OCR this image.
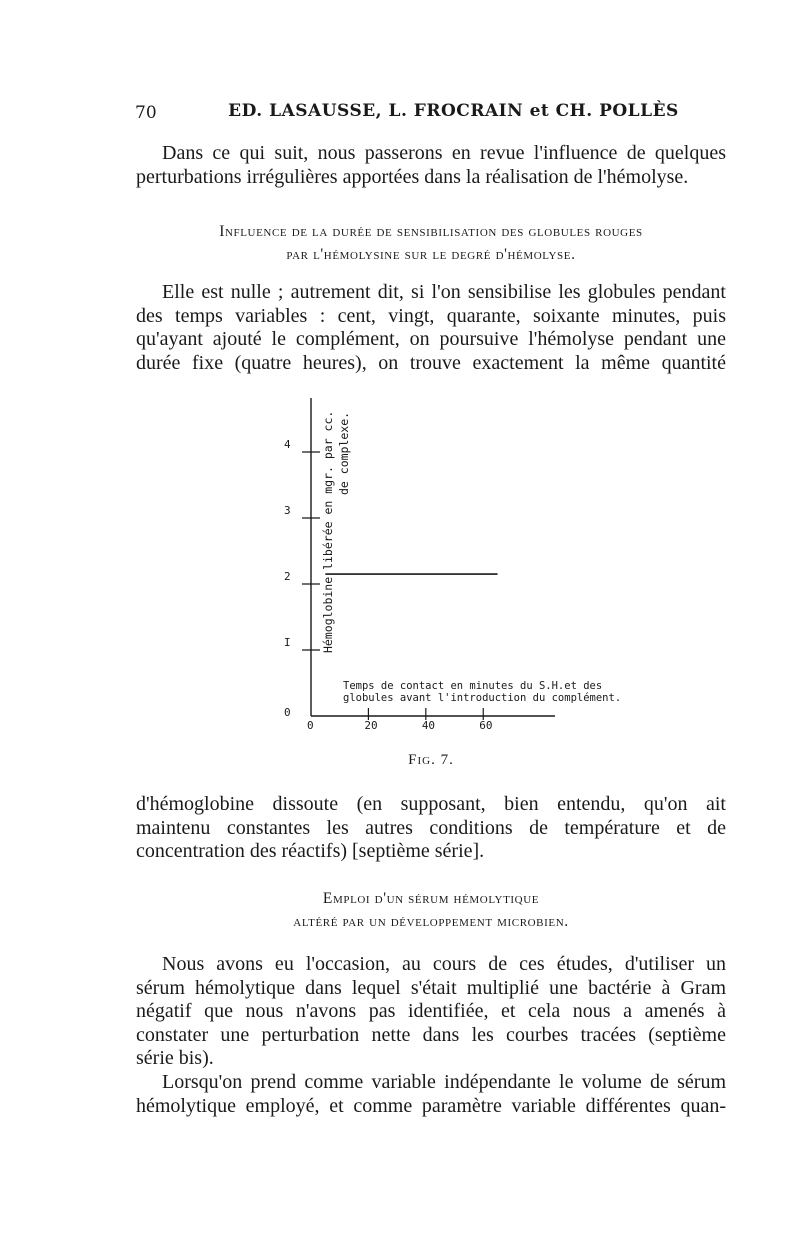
70	ED. LASAUSSE, L. FROCRAIN et CH. POLLÈS

Dans ce qui suit, nous passerons en revue l'influence de quelques
perturbations irrégulières apportées dans la réalisation de l'hémolyse.

Influence de la durée de sensibilisation des globules rouges
par l'hémolysine sur le degré d'hémolyse.

Elle est nulle ; autrement dit, si l'on sensibilise les globules pendant
des temps variables : cent, vingt, quarante, soixante minutes, puis
qu'ayant ajouté le complément, on poursuive l'hémolyse pendant une
durée fixe (quatre heures), on trouve exactement la même quantité

0
I
2
3
4
0	20	40	60
Hémoglobine libérée en mgr. par cc. de complexe.
Temps de contact en minutes du S.H.et des
globules avant l'introduction du complément.
Fig. 7.

d'hémoglobine dissoute (en supposant, bien entendu, qu'on ait
maintenu constantes les autres conditions de température et de
concentration des réactifs) [septième série].

Emploi d'un sérum hémolytique
altéré par un développement microbien.

Nous avons eu l'occasion, au cours de ces études, d'utiliser un
sérum hémolytique dans lequel s'était multiplié une bactérie à Gram
négatif que nous n'avons pas identifiée, et cela nous a amenés à
constater une perturbation nette dans les courbes tracées (septième
série bis).

Lorsqu'on prend comme variable indépendante le volume de sérum
hémolytique employé, et comme paramètre variable différentes quan-
